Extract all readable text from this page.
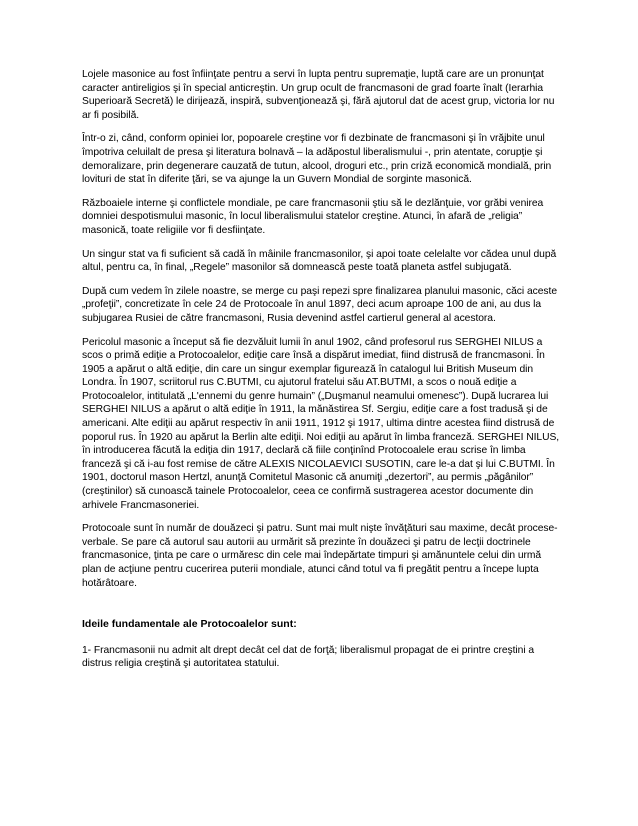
Lojele masonice au fost înfiinţate pentru a servi în lupta pentru supremaţie, luptă care are un pronunţat caracter antireligios şi în special anticreştin. Un grup ocult de francmasoni de grad foarte înalt (Ierarhia Superioară Secretă) le dirijează, inspiră, subvenţionează şi, fără ajutorul dat de acest grup, victoria lor nu ar fi posibilă.

Într-o zi, când, conform opiniei lor, popoarele creştine vor fi dezbinate de francmasoni şi în vrăjbite unul împotriva celuilalt de presa şi literatura bolnavă – la adăpostul liberalismului -, prin atentate, corupţie şi demoralizare, prin degenerare cauzată de tutun, alcool, droguri etc., prin criză economică mondială, prin lovituri de stat în diferite ţări, se va ajunge la un Guvern Mondial de sorginte masonică.

Războaiele interne şi conflictele mondiale, pe care francmasonii ştiu să le dezlănţuie, vor grăbi venirea domniei despotismului masonic, în locul liberalismului statelor creştine. Atunci, în afară de „religia” masonică, toate religiile vor fi desfiinţate.

Un singur stat va fi suficient să cadă în mâinile francmasonilor, şi apoi toate celelalte vor cădea unul după altul, pentru ca, în final, „Regele” masonilor să domnească peste toată planeta astfel subjugată.

După cum vedem în zilele noastre, se merge cu paşi repezi spre finalizarea planului masonic, căci aceste „profeţii”, concretizate în cele 24 de Protocoale în anul 1897, deci acum aproape 100 de ani, au dus la subjugarea Rusiei de către francmasoni, Rusia devenind astfel cartierul general al acestora.

Pericolul masonic a început să fie dezvăluit lumii în anul 1902, când profesorul rus SERGHEI NILUS a scos o primă ediţie a Protocoalelor, ediţie care însă a dispărut imediat, fiind distrusă de francmasoni. În 1905 a apărut o altă ediţie, din care un singur exemplar figurează în catalogul lui British Museum din Londra. În 1907, scriitorul rus C.BUTMI, cu ajutorul fratelui său AT.BUTMI, a scos o nouă ediţie a Protocoalelor, intitulată „L'ennemi du genre humain” („Duşmanul neamului omenesc”). După lucrarea lui SERGHEI NILUS a apărut o altă ediţie în 1911, la mănăstirea Sf. Sergiu, ediţie care a fost tradusă şi de americani. Alte ediţii au apărut respectiv în anii 1911, 1912 şi 1917, ultima dintre acestea fiind distrusă de poporul rus. În 1920 au apărut la Berlin alte ediţii. Noi ediţii au apărut în limba franceză. SERGHEI NILUS, în introducerea făcută la ediţia din 1917, declară că fiile conţinînd Protocoalele erau scrise în limba franceză şi că i-au fost remise de către ALEXIS NICOLAEVICI SUSOTIN, care le-a dat şi lui C.BUTMI. În 1901, doctorul mason Hertzl, anunţă Comitetul Masonic că anumiţi „dezertori”, au permis „păgânilor” (creştinilor) să cunoască tainele Protocoalelor, ceea ce confirmă sustragerea acestor documente din arhivele Francmasoneriei.

Protocoale sunt în număr de douăzeci şi patru. Sunt mai mult nişte învăţături sau maxime, decât procese-verbale. Se pare că autorul sau autorii au urmărit să prezinte în douăzeci şi patru de lecţii doctrinele francmasonice, ţinta pe care o urmăresc din cele mai îndepărtate timpuri şi amănuntele celui din urmă plan de acţiune pentru cucerirea puterii mondiale, atunci când totul va fi pregătit pentru a începe lupta hotărâtoare.

Ideile fundamentale ale Protocoalelor sunt:

1- Francmasonii nu admit alt drept decât cel dat de forţă; liberalismul propagat de ei printre creştini a distrus religia creştină şi autoritatea statului.
